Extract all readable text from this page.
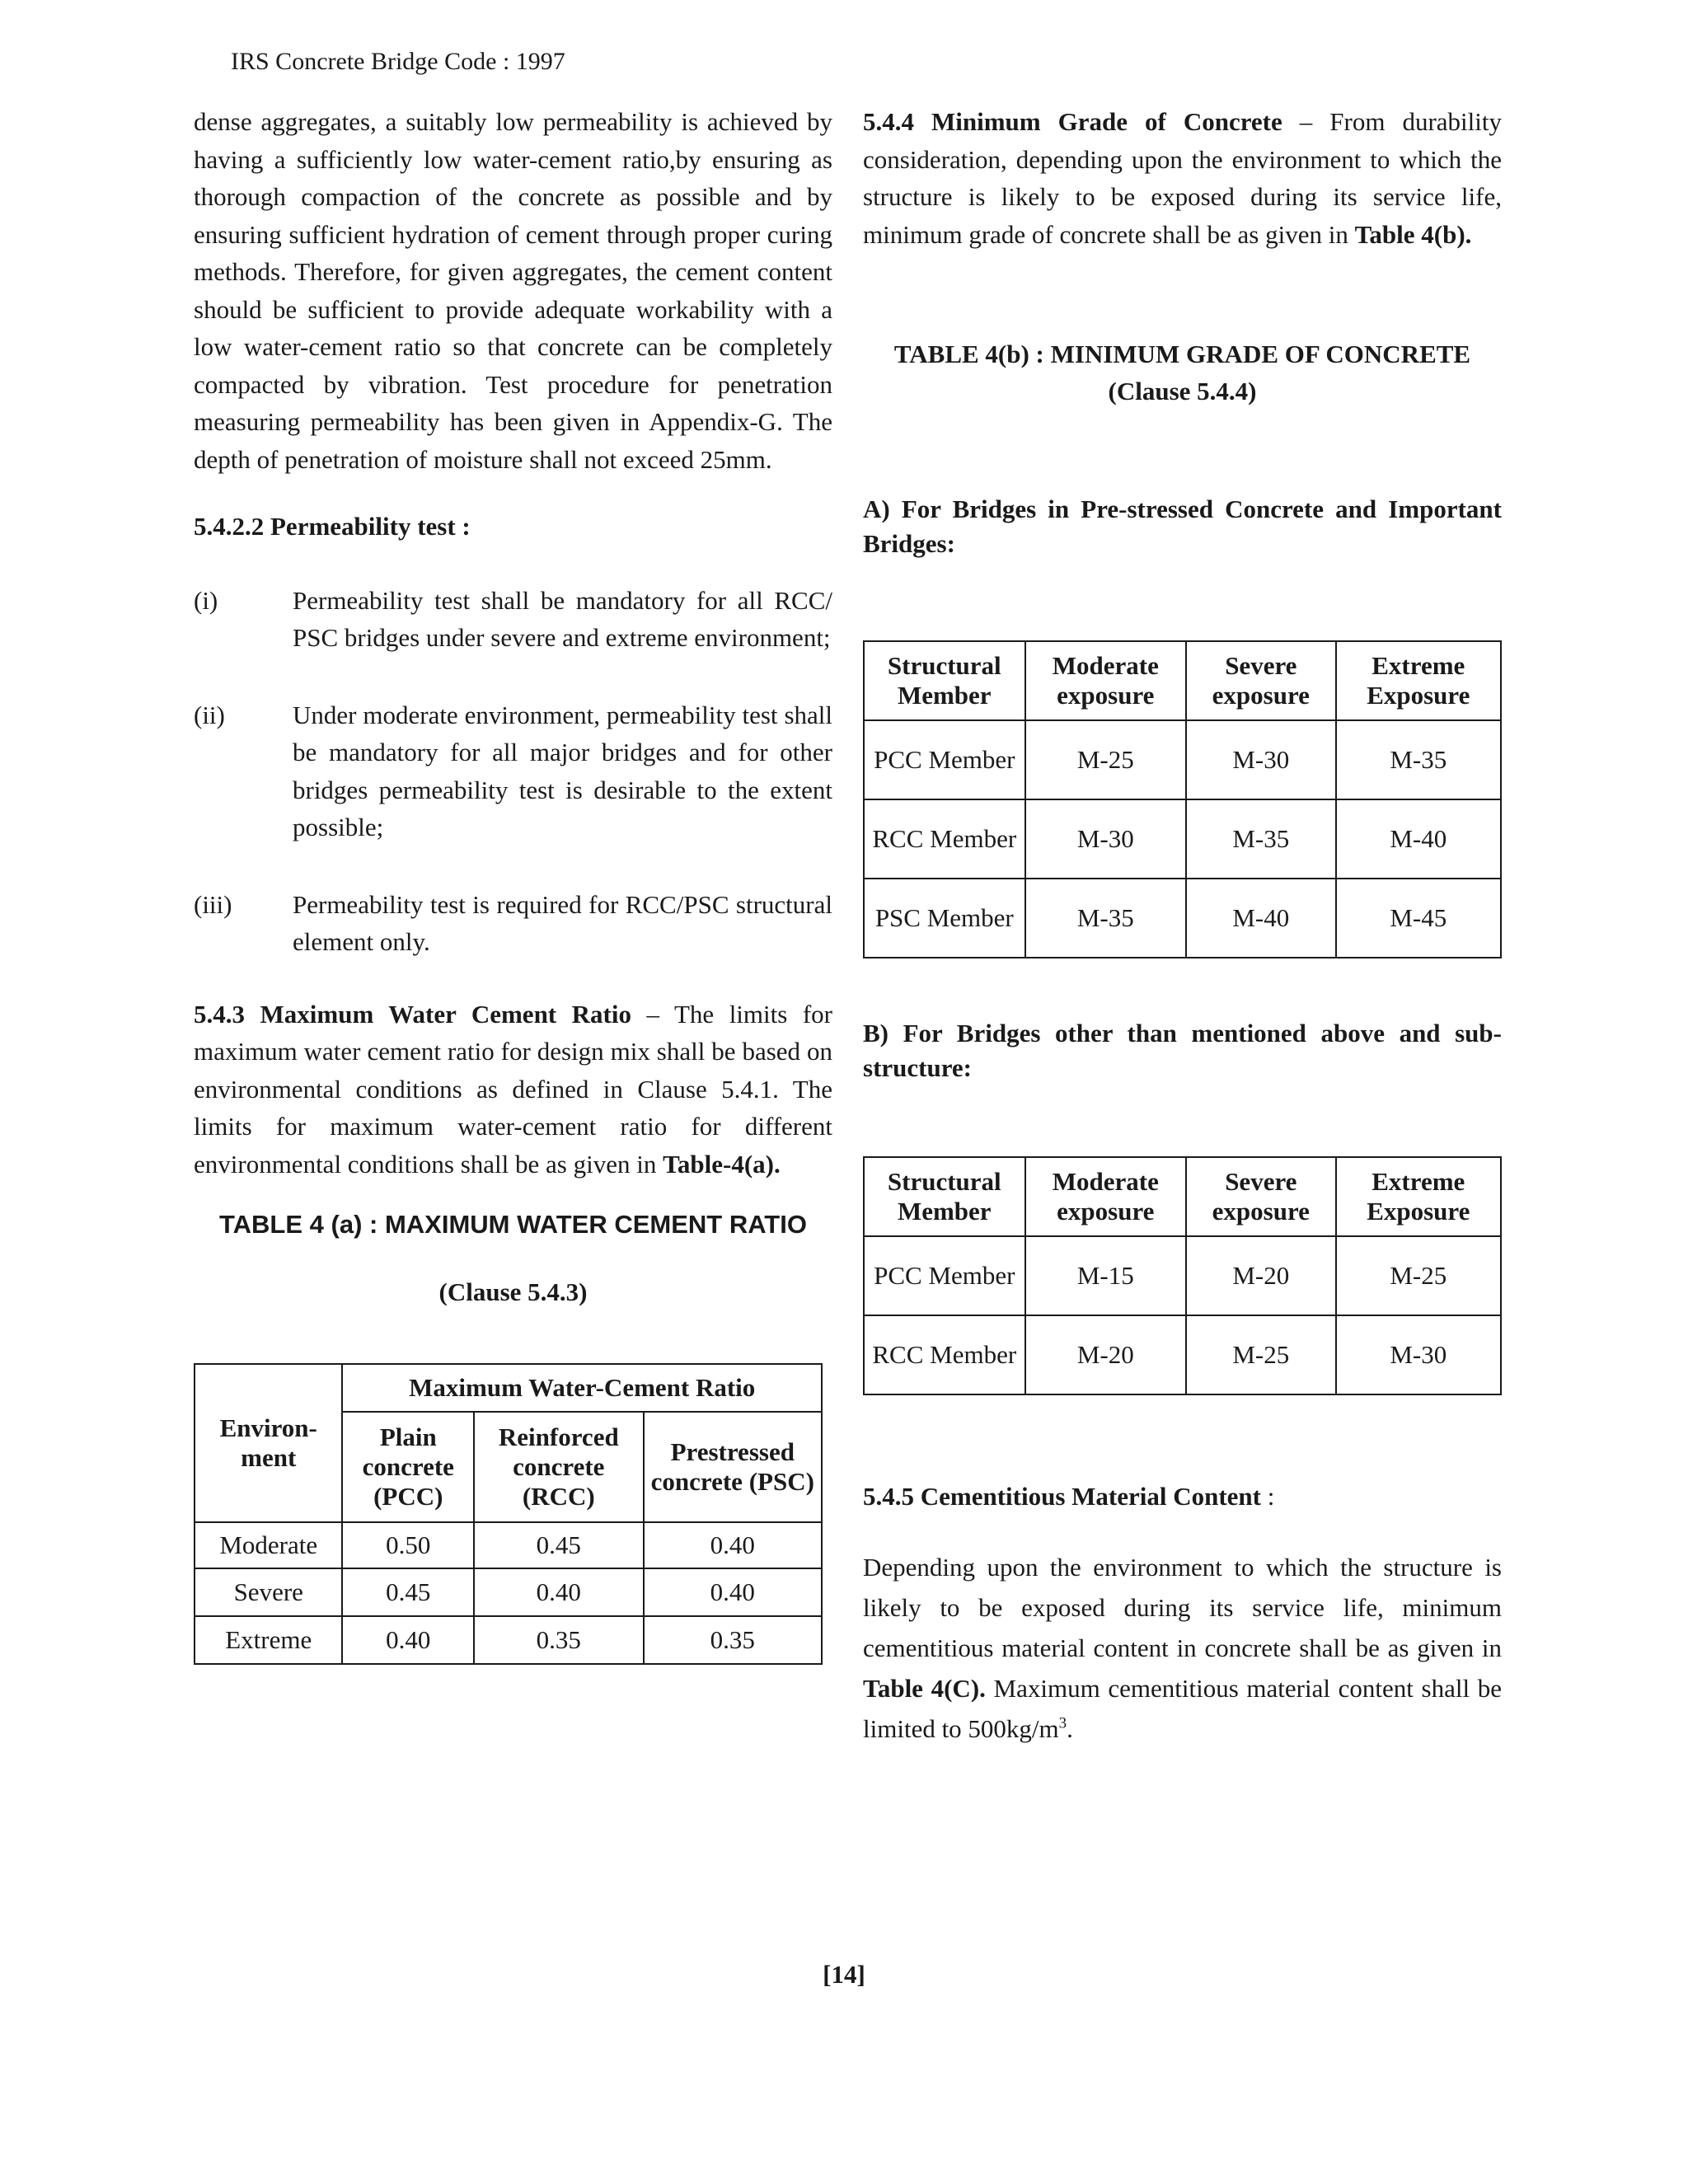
IRS Concrete Bridge Code : 1997

dense aggregates, a suitably low permeability is achieved by having a sufficiently low water-cement ratio,by ensuring as thorough compaction of the concrete as possible and by ensuring sufficient hydration of cement through proper curing methods. Therefore, for given aggregates, the cement content should be sufficient to provide adequate workability with a low water-cement ratio so that concrete can be completely compacted by vibration. Test procedure for penetration measuring permeability has been given in Appendix-G. The depth of penetration of moisture shall not exceed 25mm.

5.4.2.2 Permeability test :

(i)	Permeability test shall be mandatory for all RCC/ PSC bridges under severe and extreme environment;
(ii)	Under moderate environment, permeability test shall be mandatory for all major bridges and for other bridges permeability test is desirable to the extent possible;
(iii)	Permeability test is required for RCC/PSC structural element only.

5.4.3 Maximum Water Cement Ratio – The limits for maximum water cement ratio for design mix shall be based on environmental conditions as defined in Clause 5.4.1. The limits for maximum water-cement ratio for different environmental conditions shall be as given in Table-4(a).

TABLE 4 (a) : MAXIMUM WATER CEMENT RATIO

(Clause 5.4.3)

Environ-ment	Maximum Water-Cement Ratio		
	Plain concrete (PCC)	Reinforced concrete (RCC)	Prestressed concrete (PSC)
Moderate	0.50	0.45	0.40
Severe	0.45	0.40	0.40
Extreme	0.40	0.35	0.35

5.4.4 Minimum Grade of Concrete – From durability consideration, depending upon the environment to which the structure is likely to be exposed during its service life, minimum grade of concrete shall be as given in Table 4(b).

TABLE 4(b) : MINIMUM GRADE OF CONCRETE
(Clause 5.4.4)

A) For Bridges in Pre-stressed Concrete and Important Bridges:

Structural Member	Moderate exposure	Severe exposure	Extreme Exposure
PCC Member	M-25	M-30	M-35
RCC Member	M-30	M-35	M-40
PSC Member	M-35	M-40	M-45

B) For Bridges other than mentioned above and sub-structure:

Structural Member	Moderate exposure	Severe exposure	Extreme Exposure
PCC Member	M-15	M-20	M-25
RCC Member	M-20	M-25	M-30

5.4.5 Cementitious Material Content :

Depending upon the environment to which the structure is likely to be exposed during its service life, minimum cementitious material content in concrete shall be as given in Table 4(C). Maximum cementitious material content shall be limited to $500kg/m^3$.

[14]
